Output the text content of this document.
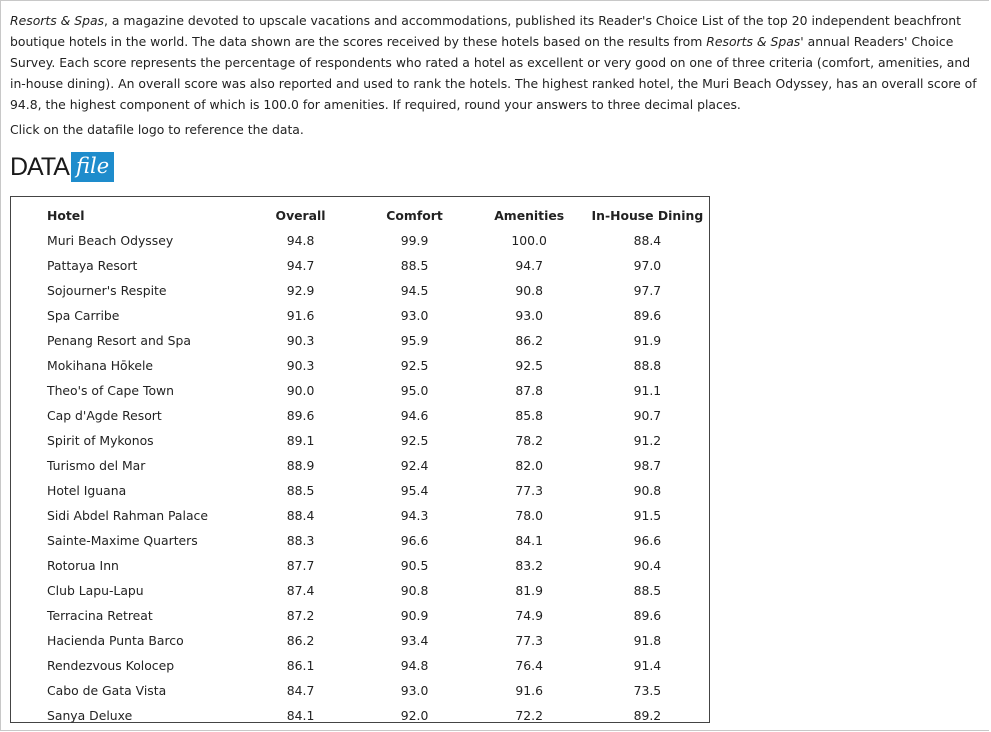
Resorts & Spas, a magazine devoted to upscale vacations and accommodations, published its Reader's Choice List of the top 20 independent beachfront boutique hotels in the world. The data shown are the scores received by these hotels based on the results from Resorts & Spas' annual Readers' Choice Survey. Each score represents the percentage of respondents who rated a hotel as excellent or very good on one of three criteria (comfort, amenities, and in-house dining). An overall score was also reported and used to rank the hotels. The highest ranked hotel, the Muri Beach Odyssey, has an overall score of 94.8, the highest component of which is 100.0 for amenities. If required, round your answers to three decimal places.

Click on the datafile logo to reference the data.

DATA file
Hotel	Overall	Comfort	Amenities	In-House Dining
Muri Beach Odyssey	94.8	99.9	100.0	88.4
Pattaya Resort	94.7	88.5	94.7	97.0
Sojourner's Respite	92.9	94.5	90.8	97.7
Spa Carribe	91.6	93.0	93.0	89.6
Penang Resort and Spa	90.3	95.9	86.2	91.9
Mokihana Hōkele	90.3	92.5	92.5	88.8
Theo's of Cape Town	90.0	95.0	87.8	91.1
Cap d'Agde Resort	89.6	94.6	85.8	90.7
Spirit of Mykonos	89.1	92.5	78.2	91.2
Turismo del Mar	88.9	92.4	82.0	98.7
Hotel Iguana	88.5	95.4	77.3	90.8
Sidi Abdel Rahman Palace	88.4	94.3	78.0	91.5
Sainte-Maxime Quarters	88.3	96.6	84.1	96.6
Rotorua Inn	87.7	90.5	83.2	90.4
Club Lapu-Lapu	87.4	90.8	81.9	88.5
Terracina Retreat	87.2	90.9	74.9	89.6
Hacienda Punta Barco	86.2	93.4	77.3	91.8
Rendezvous Kolocep	86.1	94.8	76.4	91.4
Cabo de Gata Vista	84.7	93.0	91.6	73.5
Sanya Deluxe	84.1	92.0	72.2	89.2
